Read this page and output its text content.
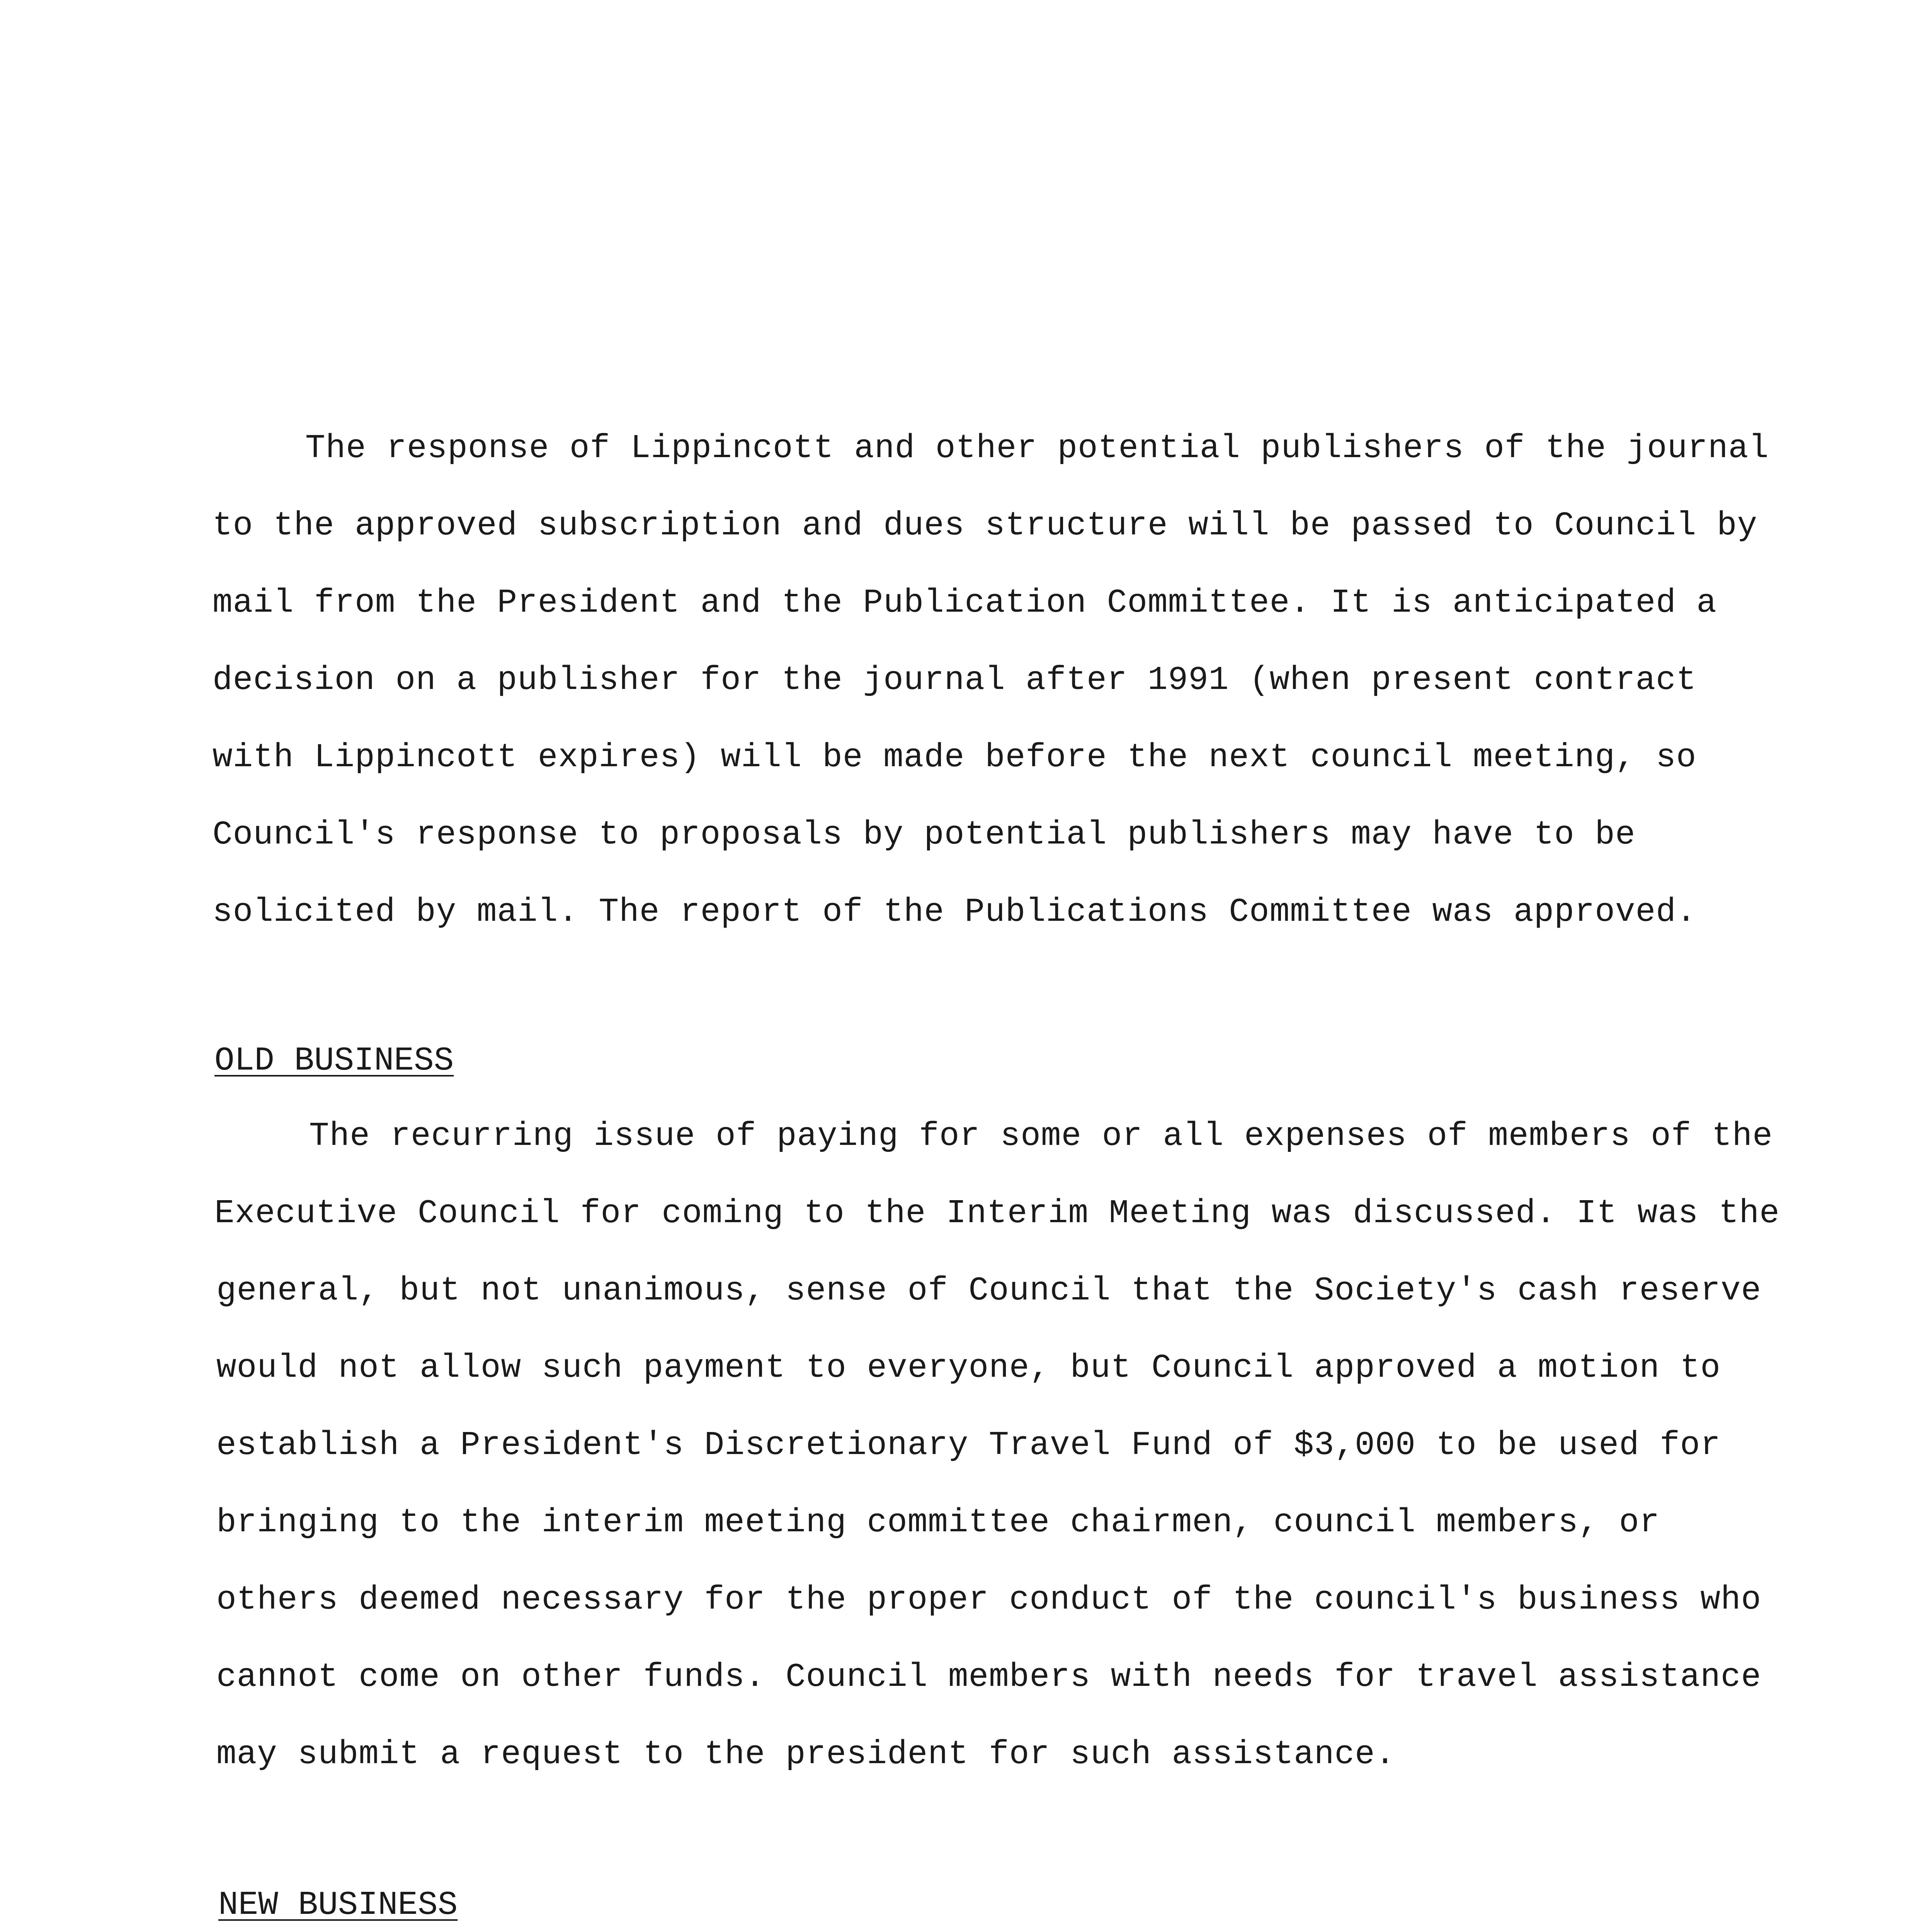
The response of Lippincott and other potential publishers of the journal
to the approved subscription and dues structure will be passed to Council by
mail from the President and the Publication Committee. It is anticipated a
decision on a publisher for the journal after 1991 (when present contract
with Lippincott expires) will be made before the next council meeting, so
Council's response to proposals by potential publishers may have to be
solicited by mail. The report of the Publications Committee was approved.
OLD BUSINESS
The recurring issue of paying for some or all expenses of members of the
Executive Council for coming to the Interim Meeting was discussed. It was the
general, but not unanimous, sense of Council that the Society's cash reserve
would not allow such payment to everyone, but Council approved a motion to
establish a President's Discretionary Travel Fund of $3,000 to be used for
bringing to the interim meeting committee chairmen, council members, or
others deemed necessary for the proper conduct of the council's business who
cannot come on other funds. Council members with needs for travel assistance
may submit a request to the president for such assistance.
NEW BUSINESS
